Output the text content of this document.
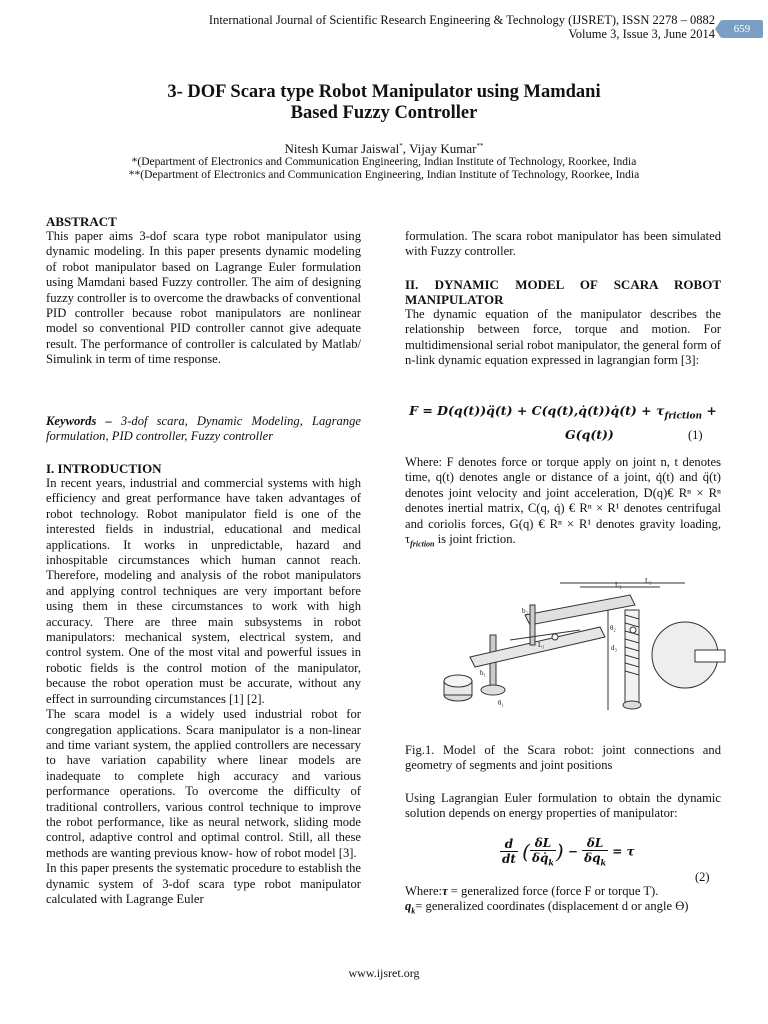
International Journal of Scientific Research Engineering & Technology (IJSRET), ISSN 2278 – 0882
Volume 3, Issue 3, June 2014	659
3- DOF Scara type Robot Manipulator using Mamdani
Based Fuzzy Controller
Nitesh Kumar Jaiswal*, Vijay Kumar**
*(Department of Electronics and Communication Engineering, Indian Institute of Technology, Roorkee, India
**(Department of Electronics and Communication Engineering, Indian Institute of Technology, Roorkee, India
ABSTRACT
This paper aims 3-dof scara type robot manipulator using dynamic modeling. In this paper presents dynamic modeling of robot manipulator based on Lagrange Euler formulation using Mamdani based Fuzzy controller. The aim of designing fuzzy controller is to overcome the drawbacks of conventional PID controller because robot manipulators are nonlinear model so conventional PID controller cannot give adequate result. The performance of controller is calculated by Matlab/ Simulink in term of time response.
Keywords – 3-dof scara, Dynamic Modeling, Lagrange formulation, PID controller, Fuzzy controller
I. INTRODUCTION
In recent years, industrial and commercial systems with high efficiency and great performance have taken advantages of robot technology. Robot manipulator field is one of the interested fields in industrial, educational and medical applications. It works in unpredictable, hazard and inhospitable circumstances which human cannot reach. Therefore, modeling and analysis of the robot manipulators and applying control techniques are very important before using them in these circumstances to work with high accuracy. There are three main subsystems in robot manipulators: mechanical system, electrical system, and control system. One of the most vital and powerful issues in robotic fields is the control motion of the manipulator, because the robot operation must be accurate, without any effect in surrounding circumstances [1] [2].
The scara model is a widely used industrial robot for congregation applications. Scara manipulator is a non-linear and time variant system, the applied controllers are necessary to have variation capability where linear models are inadequate to complete high accuracy and various performance operations. To overcome the difficulty of traditional controllers, various control technique to improve the robot performance, like as neural network, sliding mode control, adaptive control and optimal control. Still, all these methods are wanting previous know- how of robot model [3].
In this paper presents the systematic procedure to establish the dynamic system of 3-dof scara type robot manipulator calculated with Lagrange Euler
formulation. The scara robot manipulator has been simulated with Fuzzy controller.
II. DYNAMIC MODEL OF SCARA ROBOT MANIPULATOR
The dynamic equation of the manipulator describes the relationship between force, torque and motion. For multidimensional serial robot manipulator, the general form of n-link dynamic equation expressed in lagrangian form [3]:
F = D(q(t))q̈(t) + C(q(t),q̇(t))q̇(t) + $\tau_{friction}$ +
G(q(t))	(1)
Where: F denotes force or torque apply on joint n, t denotes time, q(t) denotes angle or distance of a joint, q̇(t) and q̈(t) denotes joint velocity and joint acceleration, D(q)€ Rⁿ × Rⁿ denotes inertial matrix, C(q, q̇) € Rⁿ × R¹ denotes centrifugal and coriolis forces, G(q) € Rⁿ × R¹ denotes gravity loading, $\tau_{friction}$ is joint friction.
L₁
L₂	L₃
d₃
θ₁
θ₂
b₁
b₂
Fig.1. Model of the Scara robot: joint connections and geometry of segments and joint positions
Using Lagrangian Euler formulation to obtain the dynamic solution depends on energy properties of manipulator:
$\frac{d}{dt}$ ( $\frac{\delta L}{\delta q̇_k}$ ) − $\frac{\delta L}{\delta q_k} = \tau$
(2)
Where:τ = generalized force (force F or torque T).
$q_k=$ generalized coordinates (displacement d or angle ϴ)
www.ijsret.org
